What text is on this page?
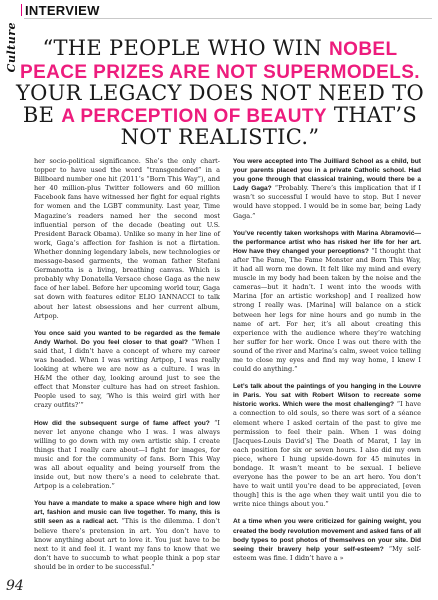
Culture
INTERVIEW
“THE PEOPLE WHO WIN NOBEL PEACE PRIZES ARE NOT SUPERMODELS. YOUR LEGACY DOES NOT NEED TO BE A PERCEPTION OF BEAUTY THAT’S NOT REALISTIC.”

her socio-political significance. She’s the only chart-topper to have used the word “transgendered” in a Billboard number one hit (2011’s “Born This Way”), and her 40 million-plus Twitter followers and 60 million Facebook fans have witnessed her fight for equal rights for women and the LGBT community. Last year, Time Magazine’s readers named her the second most influential person of the decade (beating out U.S. President Barack Obama). Unlike so many in her line of work, Gaga’s affection for fashion is not a flirtation. Whether donning legendary labels, new technologies or message-based garments, the woman father Stefani Germanotta is a living, breathing canvas. Which is probably why Donatella Versace chose Gaga as the new face of her label. Before her upcoming world tour, Gaga sat down with features editor ELIO IANNACCI to talk about her latest obsessions and her current album, Artpop.

You once said you wanted to be regarded as the female Andy Warhol. Do you feel closer to that goal? “When I said that, I didn’t have a concept of where my career was headed. When I was writing Artpop, I was really looking at where we are now as a culture. I was in H&M the other day, looking around just to see the effect that Monster culture has had on street fashion. People used to say, ‘Who is this weird girl with her crazy outfits?’”

How did the subsequent surge of fame affect you? “I never let anyone change who I was. I was always willing to go down with my own artistic ship. I create things that I really care about—I fight for images, for music and for the community of fans. Born This Way was all about equality and being yourself from the inside out, but now there’s a need to celebrate that. Artpop is a celebration.”

You have a mandate to make a space where high and low art, fashion and music can live together. To many, this is still seen as a radical act. “This is the dilemma. I don’t believe there’s pretension in art. You don’t have to know anything about art to love it. You just have to be next to it and feel it. I want my fans to know that we don’t have to succumb to what people think a pop star should be in order to be successful.”

You were accepted into The Juilliard School as a child, but your parents placed you in a private Catholic school. Had you gone through that classical training, would there be a Lady Gaga? “Probably. There’s this implication that if I wasn’t so successful I would have to stop. But I never would have stopped. I would be in some bar, being Lady Gaga.”

You’ve recently taken workshops with Marina Abramović—the performance artist who has risked her life for her art. How have they changed your perceptions? “I thought that after The Fame, The Fame Monster and Born This Way, it had all worn me down. It felt like my mind and every muscle in my body had been taken by the noise and the cameras—but it hadn’t. I went into the woods with Marina [for an artistic workshop] and I realized how strong I really was. [Marina] will balance on a stick between her legs for nine hours and go numb in the name of art. For her, it’s all about creating this experience with the audience where they’re watching her suffer for her work. Once I was out there with the sound of the river and Marina’s calm, sweet voice telling me to close my eyes and find my way home, I knew I could do anything.”

Let’s talk about the paintings of you hanging in the Louvre in Paris. You sat with Robert Wilson to recreate some historic works. Which were the most challenging? “I have a connection to old souls, so there was sort of a séance element where I asked certain of the past to give me permission to feel their pain. When I was doing [Jacques-Louis David’s] The Death of Marat, I lay in each position for six or seven hours. I also did my own piece, where I hung upside-down for 45 minutes in bondage. It wasn’t meant to be sexual. I believe everyone has the power to be an art hero. You don’t have to wait until you’re dead to be appreciated, [even though] this is the age when they wait until you die to write nice things about you.”

At a time when you were criticized for gaining weight, you created the body revolution movement and asked fans of all body types to post photos of themselves on your site. Did seeing their bravery help your self-esteem? “My self-esteem was fine. I didn’t have a »

94
